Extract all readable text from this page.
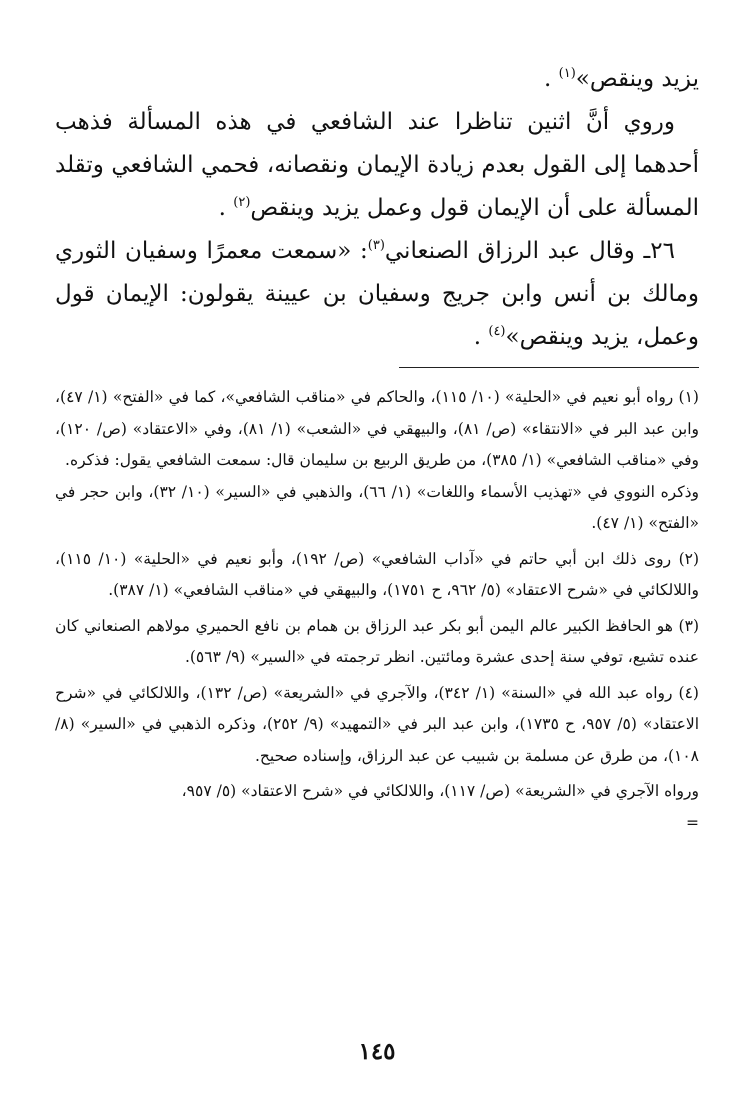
يزيد وينقص»$^{(١)}$ .

وروي أنَّ اثنين تناظرا عند الشافعي في هذه المسألة فذهب أحدهما إلى القول بعدم زيادة الإيمان ونقصانه، فحمي الشافعي وتقلد المسألة على أن الإيمان قول وعمل يزيد وينقص$^{(٢)}$ .

٢٦ـ وقال عبد الرزاق الصنعاني$^{(٣)}$: «سمعت معمرًا وسفيان الثوري ومالك بن أنس وابن جريج وسفيان بن عيينة يقولون: الإيمان قول وعمل، يزيد وينقص»$^{(٤)}$ .

(١) رواه أبو نعيم في «الحلية» (١٠/ ١١٥)، والحاكم في «مناقب الشافعي»، كما في «الفتح» (١/ ٤٧)، وابن عبد البر في «الانتقاء» (ص/ ٨١)، والبيهقي في «الشعب» (١/ ٨١)، وفي «الاعتقاد» (ص/ ١٢٠)، وفي «مناقب الشافعي» (١/ ٣٨٥)، من طريق الربيع بن سليمان قال: سمعت الشافعي يقول: فذكره.

وذكره النووي في «تهذيب الأسماء واللغات» (١/ ٦٦)، والذهبي في «السير» (١٠/ ٣٢)، وابن حجر في «الفتح» (١/ ٤٧).

(٢) روى ذلك ابن أبي حاتم في «آداب الشافعي» (ص/ ١٩٢)، وأبو نعيم في «الحلية» (١٠/ ١١٥)، واللالكائي في «شرح الاعتقاد» (٥/ ٩٦٢، ح ١٧٥١)، والبيهقي في «مناقب الشافعي» (١/ ٣٨٧).

(٣) هو الحافظ الكبير عالم اليمن أبو بكر عبد الرزاق بن همام بن نافع الحميري مولاهم الصنعاني كان عنده تشيع، توفي سنة إحدى عشرة ومائتين. انظر ترجمته في «السير» (٩/ ٥٦٣).

(٤) رواه عبد الله في «السنة» (١/ ٣٤٢)، والآجري في «الشريعة» (ص/ ١٣٢)، واللالكائي في «شرح الاعتقاد» (٥/ ٩٥٧، ح ١٧٣٥)، وابن عبد البر في «التمهيد» (٩/ ٢٥٢)، وذكره الذهبي في «السير» (٨/ ١٠٨)، من طرق عن مسلمة بن شبيب عن عبد الرزاق، وإسناده صحيح.

ورواه الآجري في «الشريعة» (ص/ ١١٧)، واللالكائي في «شرح الاعتقاد» (٥/ ٩٥٧،

=

١٤٥
